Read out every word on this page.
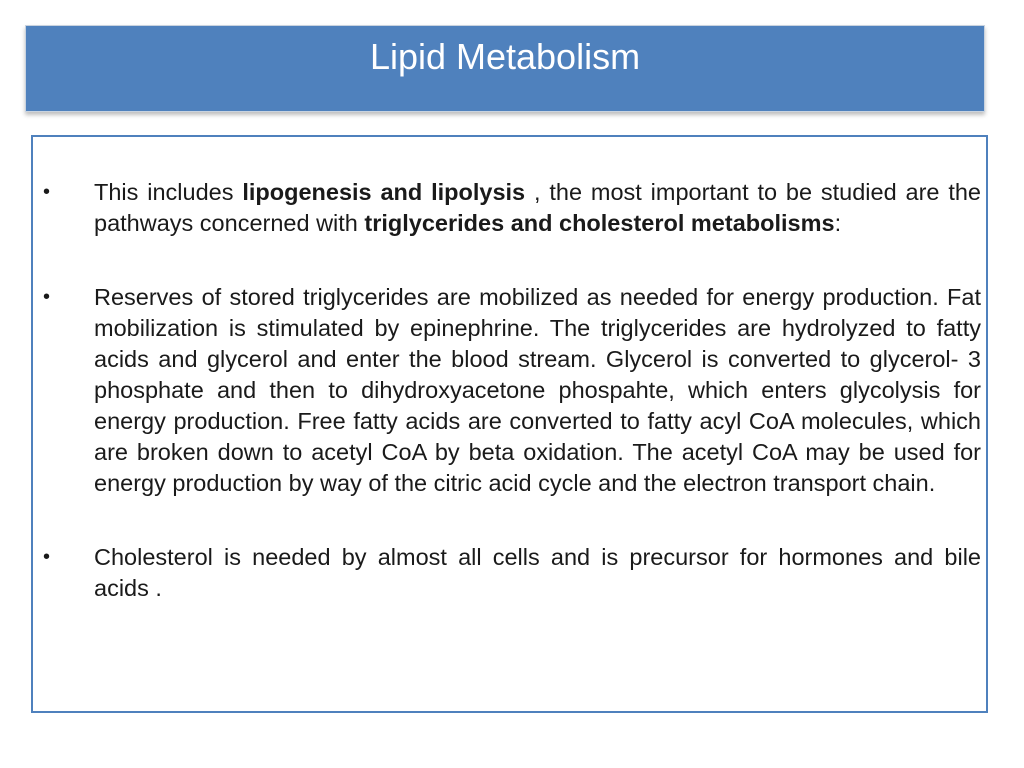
Lipid Metabolism
• This includes lipogenesis and lipolysis , the most important to be studied are the pathways concerned with triglycerides and cholesterol metabolisms:
• Reserves of stored triglycerides are mobilized as needed for energy production. Fat mobilization is stimulated by epinephrine. The triglycerides are hydrolyzed to fatty acids and glycerol and enter the blood stream. Glycerol is converted to glycerol- 3 phosphate and then to dihydroxyacetone phospahte, which enters glycolysis for energy production. Free fatty acids are converted to fatty acyl CoA molecules, which are broken down to acetyl CoA by beta oxidation. The acetyl CoA may be used for energy production by way of the citric acid cycle and the electron transport chain.
• Cholesterol is needed by almost all cells and is precursor for hormones and bile acids .
